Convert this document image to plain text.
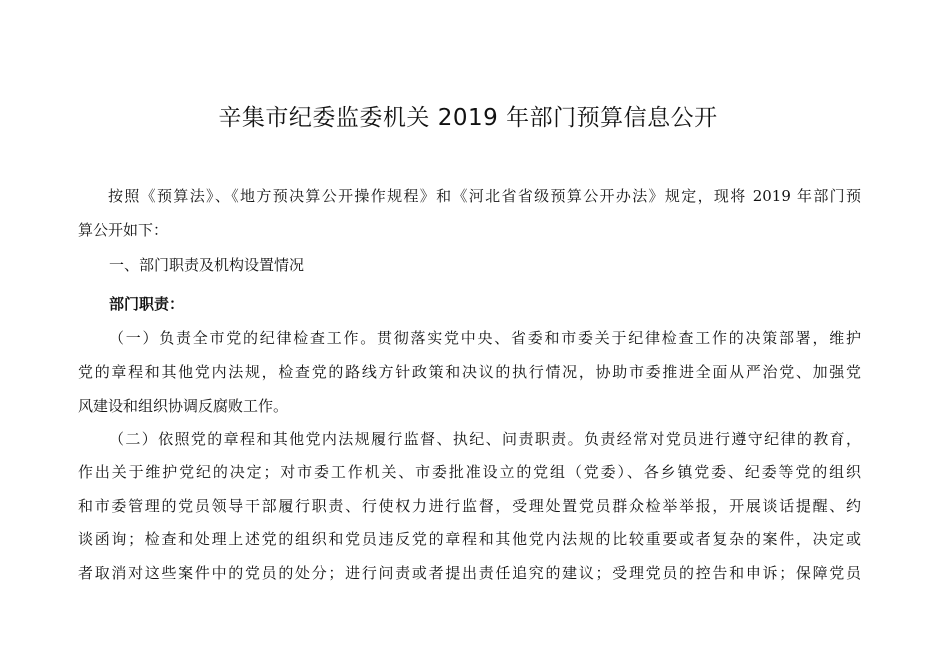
辛集市纪委监委机关 2019 年部门预算信息公开
按照《预算法》、《地方预决算公开操作规程》和《河北省省级预算公开办法》规定，现将 2019 年部门预
算公开如下：
一、部门职责及机构设置情况
部门职责：
（一）负责全市党的纪律检查工作。贯彻落实党中央、省委和市委关于纪律检查工作的决策部署，维护
党的章程和其他党内法规，检查党的路线方针政策和决议的执行情况，协助市委推进全面从严治党、加强党
风建设和组织协调反腐败工作。
（二）依照党的章程和其他党内法规履行监督、执纪、问责职责。负责经常对党员进行遵守纪律的教育，
作出关于维护党纪的决定；对市委工作机关、市委批准设立的党组（党委）、各乡镇党委、纪委等党的组织
和市委管理的党员领导干部履行职责、行使权力进行监督，受理处置党员群众检举举报，开展谈话提醒、约
谈函询；检查和处理上述党的组织和党员违反党的章程和其他党内法规的比较重要或者复杂的案件，决定或
者取消对这些案件中的党员的处分；进行问责或者提出责任追究的建议；受理党员的控告和申诉；保障党员
